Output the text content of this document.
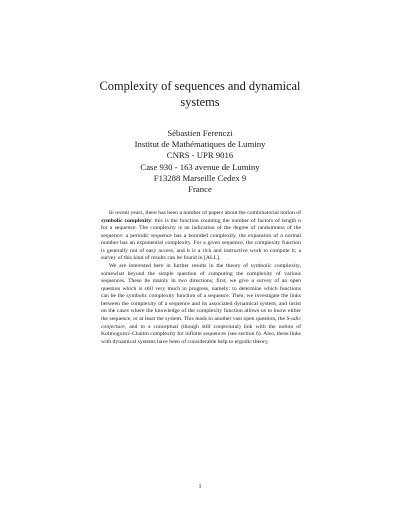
Complexity of sequences and dynamical
systems
Sébastien Ferenczi
Institut de Mathématiques de Luminy
CNRS - UPR 9016
Case 930 - 163 avenue de Luminy
F13288 Marseille Cedex 9
France

In recent years, there has been a number of papers about the combinatorial notion of symbolic complexity: this is the function counting the number of factors of length n for a sequence. The complexity is an indication of the degree of randomness of the sequence: a periodic sequence has a bounded complexity, the expansion of a normal number has an exponential complexity. For a given sequence, the complexity function is generally not of easy access, and it is a rich and instructive work to compute it; a survey of this kind of results can be found in [ALL].

We are interested here in further results in the theory of symbolic complexity, somewhat beyond the simple question of computing the complexity of various sequences. These lie mainly in two directions; first, we give a survey of an open question which is still very much in progress, namely: to determine which functions can be the symbolic complexity function of a sequence. Then, we investigate the links between the complexity of a sequence and its associated dynamical system, and insist on the cases where the knowledge of the complexity function allows us to know either the sequence, or at least the system. This leads to another vast open question, the S-adic conjecture, and to a conceptual (though still conjectural) link with the notion of Kolmogorov-Chaitin complexity for infinite sequences (see section 6). Also, these links with dynamical systems have been of considerable help to ergodic theory,

1
